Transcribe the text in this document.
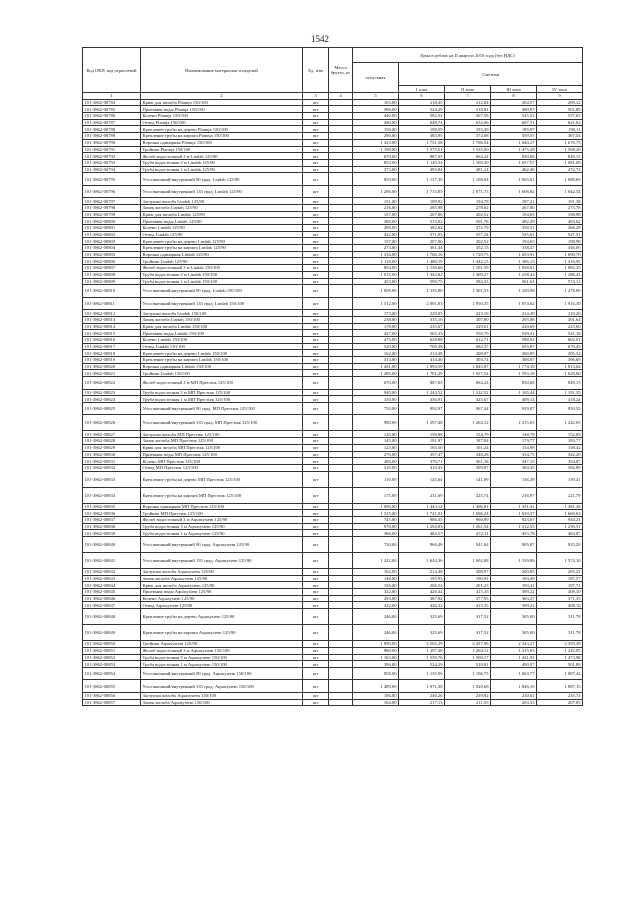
1542
Код ОКП, код отраслевой	Наименование материалов и изделий	Ед. изм	Масса брутто, кг	Цена в рублях на II квартал 2010 года (без НДС)				
				отпускная	Сметная			
					I зона	II зона	III зона	IV зона
1	2	3	4	5	6	7	8	9
101-3862-00784	Крюк для желоба Plannja 150/100	шт		103,00	218,45	212,84	204,57	209,12
101-3862-00785	Приемник воды Plannja 150/100	шт		396,00	524,29	510,81	490,97	501,89
101-3862-00786	Колено Plannja 150/100	шт		440,00	582,54	567,58	545,52	557,65
101-3862-00787	Отвод Plannja 150/100	шт		490,00	648,74	632,06	607,51	621,02
101-3862-00788	Крепление трубы на дерево Plannja 150/100	шт		150,00	198,59	193,49	185,97	190,11
101-3862-00789	Крепление трубы на кирпич Plannja 150/100	шт		290,00	383,95	374,08	359,55	367,54
101-3862-00790	Воронка одинарная Plannja 150/100	шт		1 323,00	1 751,58	1 706,54	1 640,27	1 676,75
101-3862-00791	Тройник Plannja 150/100	шт		1 190,00	1 575,51	1 535,00	1 475,39	1 508,20
101-3862-00792	Желоб водосточный 3 м Lindab 125/90	шт		670,00	887,05	864,24	830,68	849,15
101-3862-00793	Труба водосточная 3 м Lindab 125/90	шт		853,00	1 129,34	1 100,30	1 057,57	1 081,09
101-3862-00794	Труба водосточная 1 м Lindab 125/90	шт		373,00	493,84	481,14	462,46	472,74
101-3862-00795	Угол внешний/внутренний 90 град. Lindab 125/90	шт		859,00	1 137,30	1 108,04	1 065,01	1 088,69
101-3862-00796	Угол внешний/внутренний 135 град. Lindab 125/90	шт		1 296,00	1 715,85	1 671,73	1 606,82	1 642,54
101-3862-00797	Заглушка желоба Lindab 125/90	шт		151,00	199,92	194,78	187,21	191,38
101-3862-00798	Замок желоба Lindab 125/90	шт		216,00	285,98	278,62	267,80	273,76
101-3862-00799	Крюк для желоба Lindab 125/90	шт		157,00	207,86	202,52	194,65	198,98
101-3862-00800	Приемник воды Lindab 125/90	шт		389,00	515,02	501,78	482,29	493,02
101-3862-00801	Колено Lindab 125/90	шт		289,00	382,62	372,79	358,31	366,28
101-3862-00802	Отвод Lindab 125/90	шт		432,00	571,95	557,24	535,61	547,51
101-3862-00803	Крепление трубы на дерево Lindab 125/90	шт		157,00	207,86	202,52	194,65	198,98
101-3862-00804	Крепление трубы на кирпич Lindab 125/90	шт		273,00	361,44	352,15	338,47	346,00
101-3862-00805	Воронка одинарная Lindab 125/90	шт		1 334,00	1 766,16	1 720,75	1 653,91	1 690,70
101-3862-00806	Тройник Lindab 125/90	шт		1 118,00	1 480,19	1 442,13	1 386,13	1 416,95
101-3862-00807	Желоб водосточный 3 м Lindab 150/100	шт		854,00	1 130,66	1 101,59	1 058,81	1 082,35
101-3862-00808	Труба водосточная 3 м Lindab 150/100	шт		1 015,00	1 343,82	1 309,27	1 258,42	1 286,41
101-3862-00809	Труба водосточная 1 м Lindab 150/100	шт		453,00	599,75	584,33	561,64	574,13
101-3862-00810	Угол внешний/внутренний 90 град. Lindab 150/100	шт		1 009,00	1 335,88	1 301,53	1 250,98	1 278,80
101-3862-00811	Угол внешний/внутренний 135 град. Lindab 150/100	шт		1 512,00	2 001,83	1 950,35	1 874,62	1 916,30
101-3862-00812	Заглушка желоба Lindab 150/100	шт		173,00	229,05	223,16	214,49	219,26
101-3862-00813	Замок желоба Lindab 150/100	шт		238,00	315,10	307,00	295,08	301,64
101-3862-00814	Крюк для желоба Lindab 150/100	шт		178,00	235,67	229,61	220,69	225,60
101-3862-00815	Приемник воды Lindab 150/100	шт		427,00	565,33	550,79	529,41	541,18
101-3862-00816	Колено Lindab 150/100	шт		475,00	628,88	612,71	588,92	602,01
101-3862-00817	Отвод Lindab 150/100	шт		529,00	700,38	682,37	655,87	670,45
101-3862-00818	Крепление трубы на дерево Lindab 150/100	шт		162,00	214,48	208,97	200,85	205,32
101-3862-00819	Крепление трубы на кирпич Lindab 150/100	шт		313,00	414,40	403,74	388,07	396,69
101-3862-00820	Воронка одинарная Lindab 150/100	шт		1 431,00	1 894,59	1 845,87	1 774,19	1 813,64
101-3862-00821	Тройник Lindab 150/100	шт		1 285,00	1 701,29	1 657,54	1 593,18	1 628,60
101-3862-00822	Желоб водосточный 3 м МП Престиж 125/100	шт		670,00	887,05	864,24	830,68	849,15
101-3862-00823	Труба водосточная 3 м МП Престиж 125/100	шт		940,00	1 244,52	1 212,52	1 165,44	1 191,35
101-3862-00824	Труба водосточная 1 м МП Престиж 125/100	шт		330,00	436,91	425,67	409,14	418,24
101-3862-00825	Угол внешний/внутренний 90 град. МП Престиж 125/100	шт		750,00	992,97	967,44	929,87	950,55
101-3862-00826	Угол внешний/внутренний 135 град. МП Престиж 125/100	шт		980,00	1 297,48	1 264,12	1 215,03	1 242,05
101-3862-00827	Заглушка желоба МП Престиж 125/100	шт		120,00	158,88	154,79	148,78	152,09
101-3862-00828	Замок желоба МП Престиж 125/100	шт		145,00	191,97	187,04	179,77	183,77
101-3862-00829	Крюк для желоба МП Престиж 125/100	шт		125,00	165,50	161,24	154,98	158,42
101-3862-00830	Приемник воды МП Престиж 125/100	шт		270,00	357,47	348,28	334,75	342,20
101-3862-00831	Колено МП Престиж 125/100	шт		280,00	370,71	361,18	347,15	354,87
101-3862-00832	Отвод МП Престиж 125/100	шт		310,00	410,43	399,87	384,35	392,89
101-3862-00833	Крепление трубы на дерево МП Престиж 125/100	шт		110,00	145,64	141,89	136,38	139,41
101-3862-00834	Крепление трубы на кирпич МП Престиж 125/100	шт		175,00	231,69	225,74	216,97	221,79
101-3862-00835	Воронка одинарная МП Престиж 125/100	шт		1 090,00	1 443,12	1 406,01	1 351,41	1 381,46
101-3862-00836	Тройник МП Престиж 125/100	шт		1 315,00	1 741,01	1 696,24	1 630,37	1 666,62
101-3862-00837	Желоб водосточный 3 м Aquasystem 125/90	шт		745,00	986,35	960,99	923,67	944,21
101-3862-00838	Труба водосточная 3 м Aquasystem 125/90	шт		978,00	1 294,83	1 261,54	1 212,55	1 239,51
101-3862-00839	Труба водосточная 1 м Aquasystem 125/90	шт		366,00	484,57	472,11	453,78	463,87
101-3862-00840	Угол внешний/внутренний 90 град. Aquasystem 125/90	шт		730,00	966,48	941,64	905,07	925,20
101-3862-00841	Угол внешний/внутренний 135 град. Aquasystem 125/90	шт		1 242,00	1 644,36	1 602,08	1 539,86	1 574,10
101-3862-00842	Заглушка желоба Aquasystem 125/90	шт		162,00	214,48	208,97	200,85	205,32
101-3862-00843	Замок желоба Aquasystem 125/90	шт		148,00	195,95	190,91	183,49	187,57
101-3862-00844	Крюк для желоба Aquasystem 125/90	шт		156,00	206,54	201,23	193,41	197,71
101-3862-00845	Приемник воды Aquasystem 125/90	шт		322,00	426,32	415,35	399,22	408,10
101-3862-00846	Колено Aquasystem 125/90	шт		293,00	387,92	377,95	363,27	371,35
101-3862-00847	Отвод Aquasystem 125/90	шт		322,00	426,32	415,35	399,22	408,10
101-3862-00848	Крепление трубы на дерево Aquasystem 125/90	шт		246,00	325,69	317,32	305,00	311,78
101-3862-00849	Крепление трубы на кирпич Aquasystem 125/90	шт		246,00	325,69	317,32	305,00	311,78
101-3862-00850	Тройник Aquasystem 125/90	шт		1 890,00	2 502,29	2 437,96	2 343,27	2 395,38
101-3862-00851	Желоб водосточный 3 м Aquasystem 150/100	шт		980,00	1 297,48	1 264,12	1 215,03	1 242,05
101-3862-00852	Труба водосточная 3 м Aquasystem 150/100	шт		1 163,00	1 539,76	1 500,17	1 441,92	1 473,98
101-3862-00853	Труба водосточная 1 м Aquasystem 150/100	шт		396,00	524,29	510,81	490,97	501,89
101-3862-00854	Угол внешний/внутренний 90 град. Aquasystem 150/100	шт		858,00	1 135,96	1 106,75	1 063,77	1 087,42
101-3862-00855	Угол внешний/внутренний 135 град. Aquasystem 150/100	шт		1 489,00	1 971,38	1 920,68	1 846,10	1 887,15
101-3862-00856	Заглушка желоба Aquasystem 150/100	шт		186,00	246,26	239,92	230,61	235,74
101-3862-00857	Замок желоба Aquasystem 150/100	шт		164,00	217,13	211,55	203,33	207,85
